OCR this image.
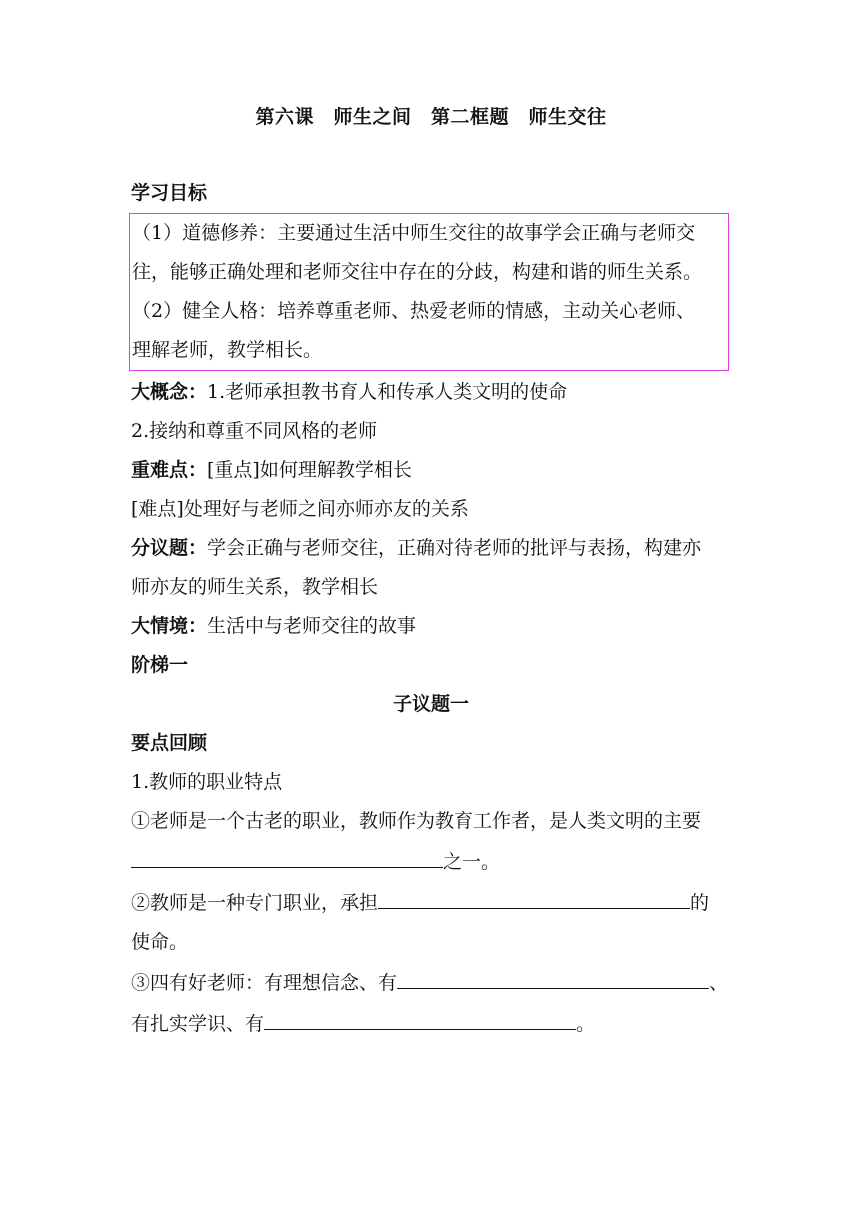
第六课　师生之间　第二框题　师生交往
学习目标
（1）道德修养：主要通过生活中师生交往的故事学会正确与老师交
往，能够正确处理和老师交往中存在的分歧，构建和谐的师生关系。
（2）健全人格：培养尊重老师、热爱老师的情感，主动关心老师、
理解老师，教学相长。
大概念：1.老师承担教书育人和传承人类文明的使命
2.接纳和尊重不同风格的老师
重难点：[重点]如何理解教学相长
[难点]处理好与老师之间亦师亦友的关系
分议题：学会正确与老师交往，正确对待老师的批评与表扬，构建亦
师亦友的师生关系，教学相长
大情境：生活中与老师交往的故事
阶梯一
子议题一
要点回顾
1.教师的职业特点
①老师是一个古老的职业，教师作为教育工作者，是人类文明的主要
之一。
②教师是一种专门职业，承担	的
使命。
③四有好老师：有理想信念、有	、
有扎实学识、有	。
